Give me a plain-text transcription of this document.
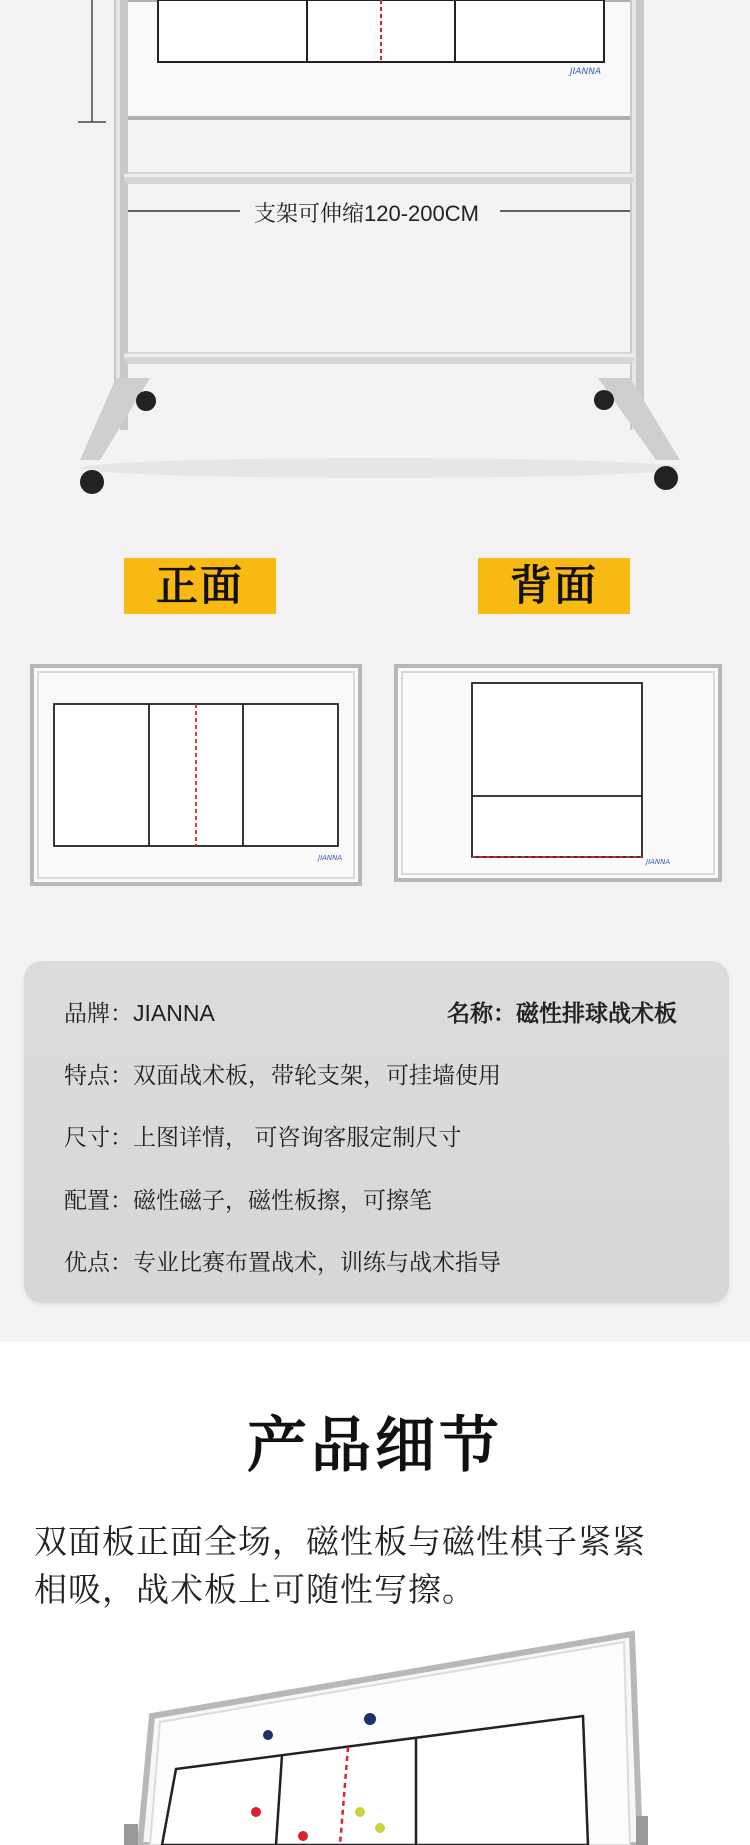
JIANNA
支架可伸缩120-200CM
正面	背面
JIANNA	JIANNA
品牌：JIANNA	名称：磁性排球战术板
特点：双面战术板，带轮支架，可挂墙使用
尺寸：上图详情， 可咨询客服定制尺寸
配置：磁性磁子，磁性板擦，可擦笔
优点：专业比赛布置战术，训练与战术指导
产品细节
双面板正面全场，磁性板与磁性棋子紧紧
相吸，战术板上可随性写擦。
